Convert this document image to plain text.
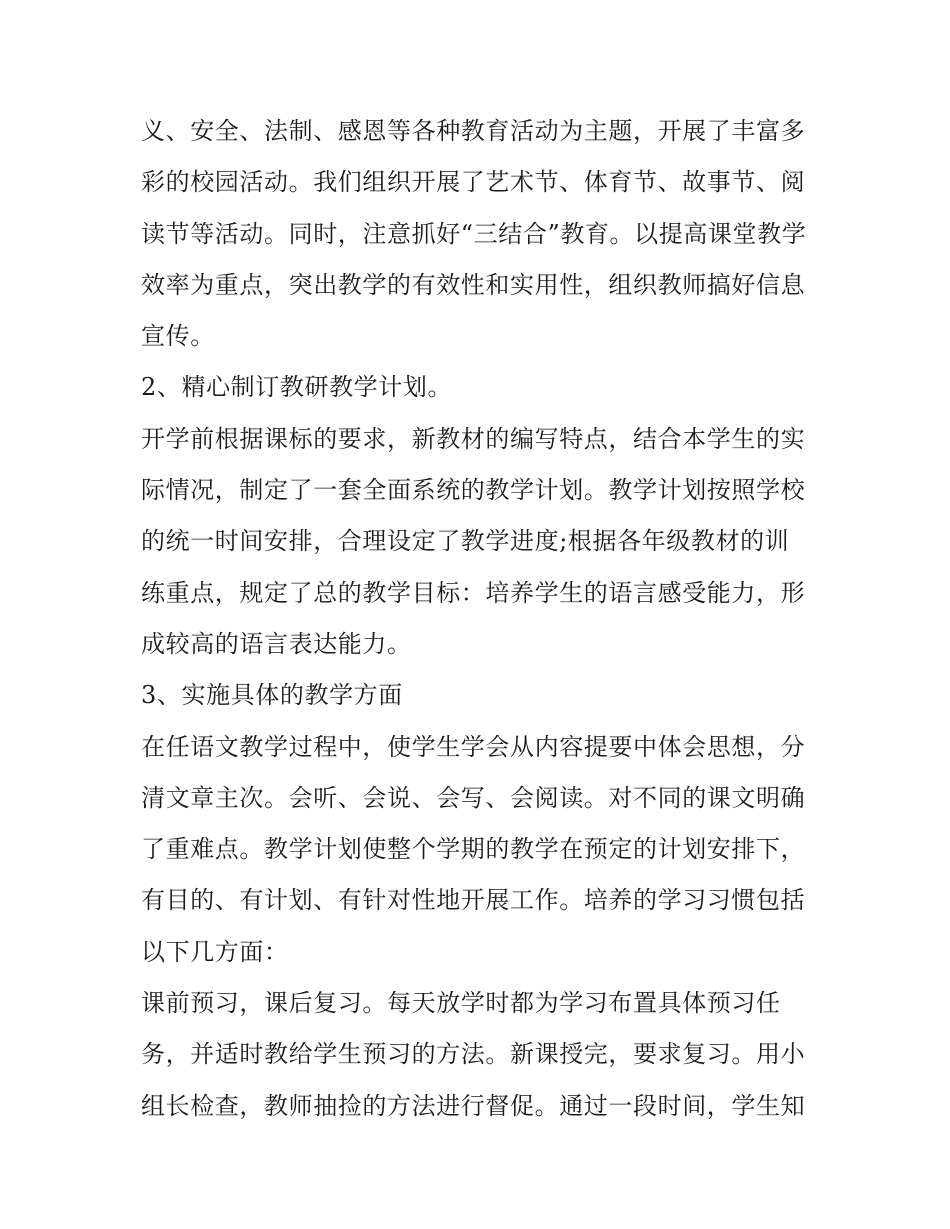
义、安全、法制、感恩等各种教育活动为主题，开展了丰富多
彩的校园活动。我们组织开展了艺术节、体育节、故事节、阅
读节等活动。同时，注意抓好“三结合”教育。以提高课堂教学
效率为重点，突出教学的有效性和实用性，组织教师搞好信息
宣传。
2、精心制订教研教学计划。
开学前根据课标的要求，新教材的编写特点，结合本学生的实
际情况，制定了一套全面系统的教学计划。教学计划按照学校
的统一时间安排，合理设定了教学进度;根据各年级教材的训
练重点，规定了总的教学目标：培养学生的语言感受能力，形
成较高的语言表达能力。
3、实施具体的教学方面
在任语文教学过程中，使学生学会从内容提要中体会思想，分
清文章主次。会听、会说、会写、会阅读。对不同的课文明确
了重难点。教学计划使整个学期的教学在预定的计划安排下，
有目的、有计划、有针对性地开展工作。培养的学习习惯包括
以下几方面：
课前预习，课后复习。每天放学时都为学习布置具体预习任
务，并适时教给学生预习的方法。新课授完，要求复习。用小
组长检查，教师抽捡的方法进行督促。通过一段时间，学生知
